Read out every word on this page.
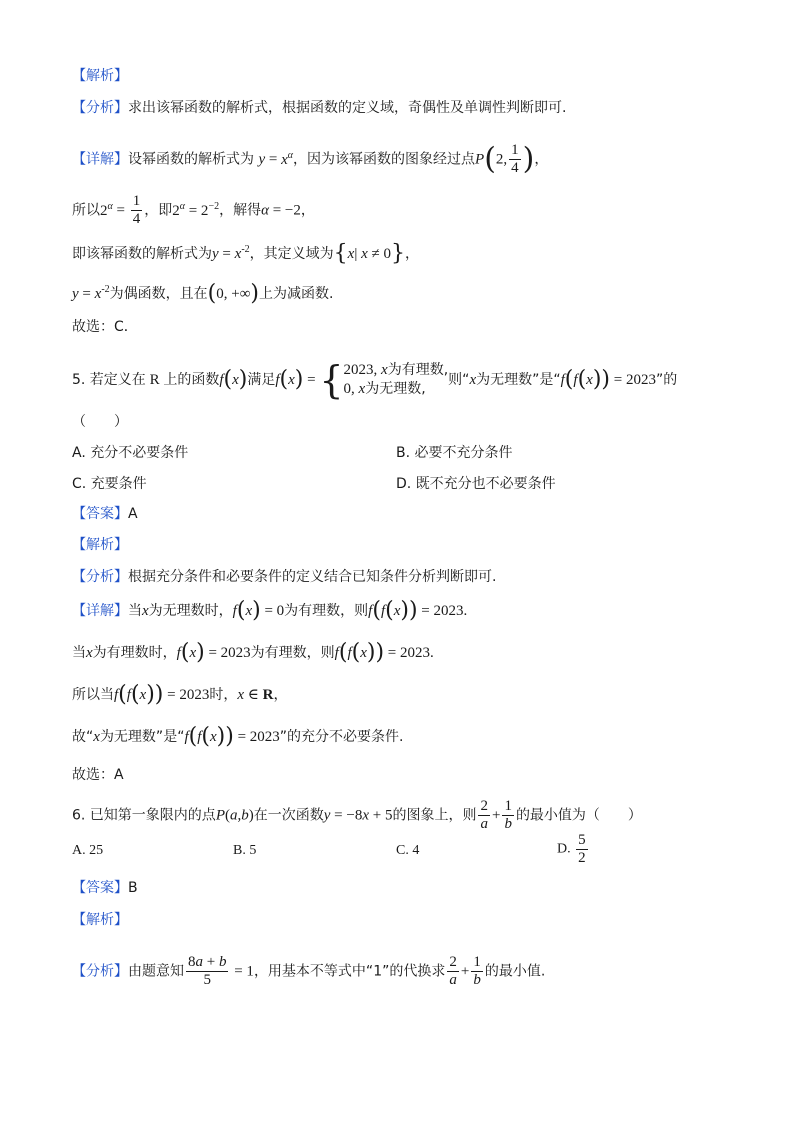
【解析】
【分析】求出该幂函数的解析式，根据函数的定义域，奇偶性及单调性判断即可.
【详解】设幂函数的解析式为 $y = x^\alpha$，因为该幂函数的图象经过点P(2, $\frac{1}{4}$ )，
所以$2^\alpha = \frac{1}{4}$ ，即$2^\alpha = 2^{-2}$，解得α = −2，
即该幂函数的解析式为$y = x^{-2}$，其定义域为{x| x ≠ 0}，
$y = x^{-2}$为偶函数，且在(0, +∞)上为减函数.
故选：C．
5. 若定义在 R 上的函数f(x)满足f(x) = { 2023, x为有理数,
0, x为无理数,
则“x为无理数”是“f(f(x)) = 2023”的
（　　）
A. 充分不必要条件	B. 必要不充分条件
C. 充要条件	D. 既不充分也不必要条件
【答案】A
【解析】
【分析】根据充分条件和必要条件的定义结合已知条件分析判断即可.
【详解】当x为无理数时，f(x) = 0为有理数，则f(f(x)) = 2023.
当x为有理数时，f(x) = 2023为有理数，则f(f(x)) = 2023.
所以当f(f(x)) = 2023时，x ∈ R，
故“x为无理数”是“f(f(x)) = 2023”的充分不必要条件.
故选：A
6. 已知第一象限内的点P(a,b)在一次函数y = −8x + 5的图象上，则 $\frac{2}{a} + \frac{1}{b}$ 的最小值为（　　）
A. 25	B. 5	C. 4	D. $\frac{5}{2}$
【答案】B
【解析】
【分析】由题意知 $\frac{8a + b}{5} = 1$，用基本不等式中“1”的代换求 $\frac{2}{a} + \frac{1}{b}$ 的最小值.
